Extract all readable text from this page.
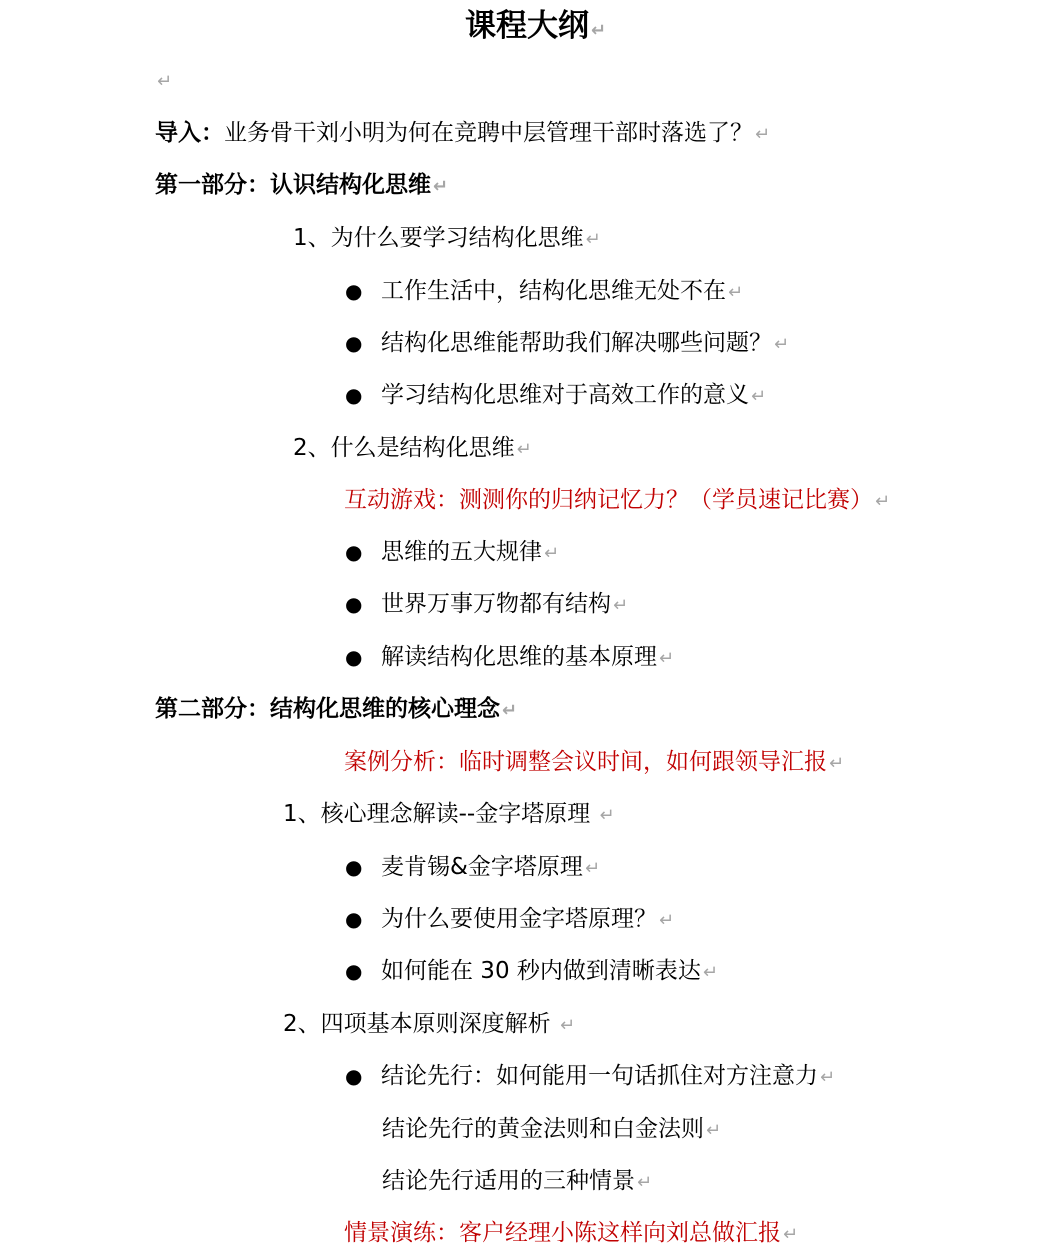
课程大纲 ↵
↵
导入：业务骨干刘小明为何在竞聘中层管理干部时落选了？ ↵
第一部分：认识结构化思维 ↵
1、为什么要学习结构化思维 ↵
● 工作生活中，结构化思维无处不在 ↵
● 结构化思维能帮助我们解决哪些问题？ ↵
● 学习结构化思维对于高效工作的意义 ↵
2、什么是结构化思维 ↵
互动游戏：测测你的归纳记忆力？（学员速记比赛） ↵
● 思维的五大规律 ↵
● 世界万事万物都有结构 ↵
● 解读结构化思维的基本原理 ↵
第二部分：结构化思维的核心理念 ↵
案例分析：临时调整会议时间，如何跟领导汇报 ↵
1、核心理念解读--金字塔原理 ↵
● 麦肯锡&金字塔原理 ↵
● 为什么要使用金字塔原理？ ↵
● 如何能在 30 秒内做到清晰表达 ↵
2、四项基本原则深度解析 ↵
● 结论先行：如何能用一句话抓住对方注意力 ↵
结论先行的黄金法则和白金法则 ↵
结论先行适用的三种情景 ↵
情景演练：客户经理小陈这样向刘总做汇报 ↵
